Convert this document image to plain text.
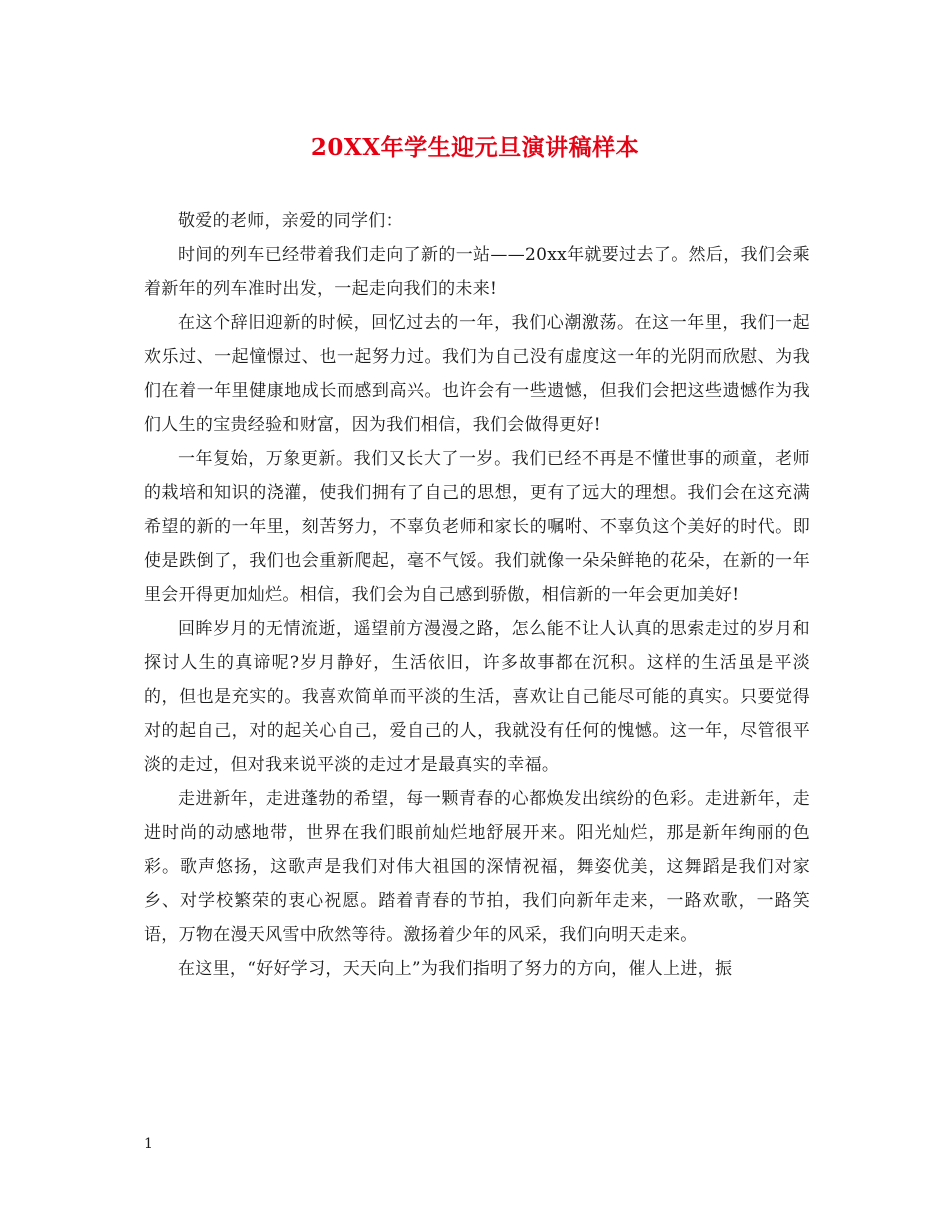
20XX年学生迎元旦演讲稿样本

敬爱的老师，亲爱的同学们：

时间的列车已经带着我们走向了新的一站——20xx年就要过去了。然后，我们会乘着新年的列车准时出发，一起走向我们的未来!

在这个辞旧迎新的时候，回忆过去的一年，我们心潮激荡。在这一年里，我们一起欢乐过、一起憧憬过、也一起努力过。我们为自己没有虚度这一年的光阴而欣慰、为我们在着一年里健康地成长而感到高兴。也许会有一些遗憾，但我们会把这些遗憾作为我们人生的宝贵经验和财富，因为我们相信，我们会做得更好!

一年复始，万象更新。我们又长大了一岁。我们已经不再是不懂世事的顽童，老师的栽培和知识的浇灌，使我们拥有了自己的思想，更有了远大的理想。我们会在这充满希望的新的一年里，刻苦努力，不辜负老师和家长的嘱咐、不辜负这个美好的时代。即使是跌倒了，我们也会重新爬起，毫不气馁。我们就像一朵朵鲜艳的花朵，在新的一年里会开得更加灿烂。相信，我们会为自己感到骄傲，相信新的一年会更加美好!

回眸岁月的无情流逝，遥望前方漫漫之路，怎么能不让人认真的思索走过的岁月和探讨人生的真谛呢?岁月静好，生活依旧，许多故事都在沉积。这样的生活虽是平淡的，但也是充实的。我喜欢简单而平淡的生活，喜欢让自己能尽可能的真实。只要觉得对的起自己，对的起关心自己，爱自己的人，我就没有任何的愧憾。这一年，尽管很平淡的走过，但对我来说平淡的走过才是最真实的幸福。

走进新年，走进蓬勃的希望，每一颗青春的心都焕发出缤纷的色彩。走进新年，走进时尚的动感地带，世界在我们眼前灿烂地舒展开来。阳光灿烂，那是新年绚丽的色彩。歌声悠扬，这歌声是我们对伟大祖国的深情祝福，舞姿优美，这舞蹈是我们对家乡、对学校繁荣的衷心祝愿。踏着青春的节拍，我们向新年走来，一路欢歌，一路笑语，万物在漫天风雪中欣然等待。激扬着少年的风采，我们向明天走来。

在这里，“好好学习，天天向上”为我们指明了努力的方向，催人上进，振

1
